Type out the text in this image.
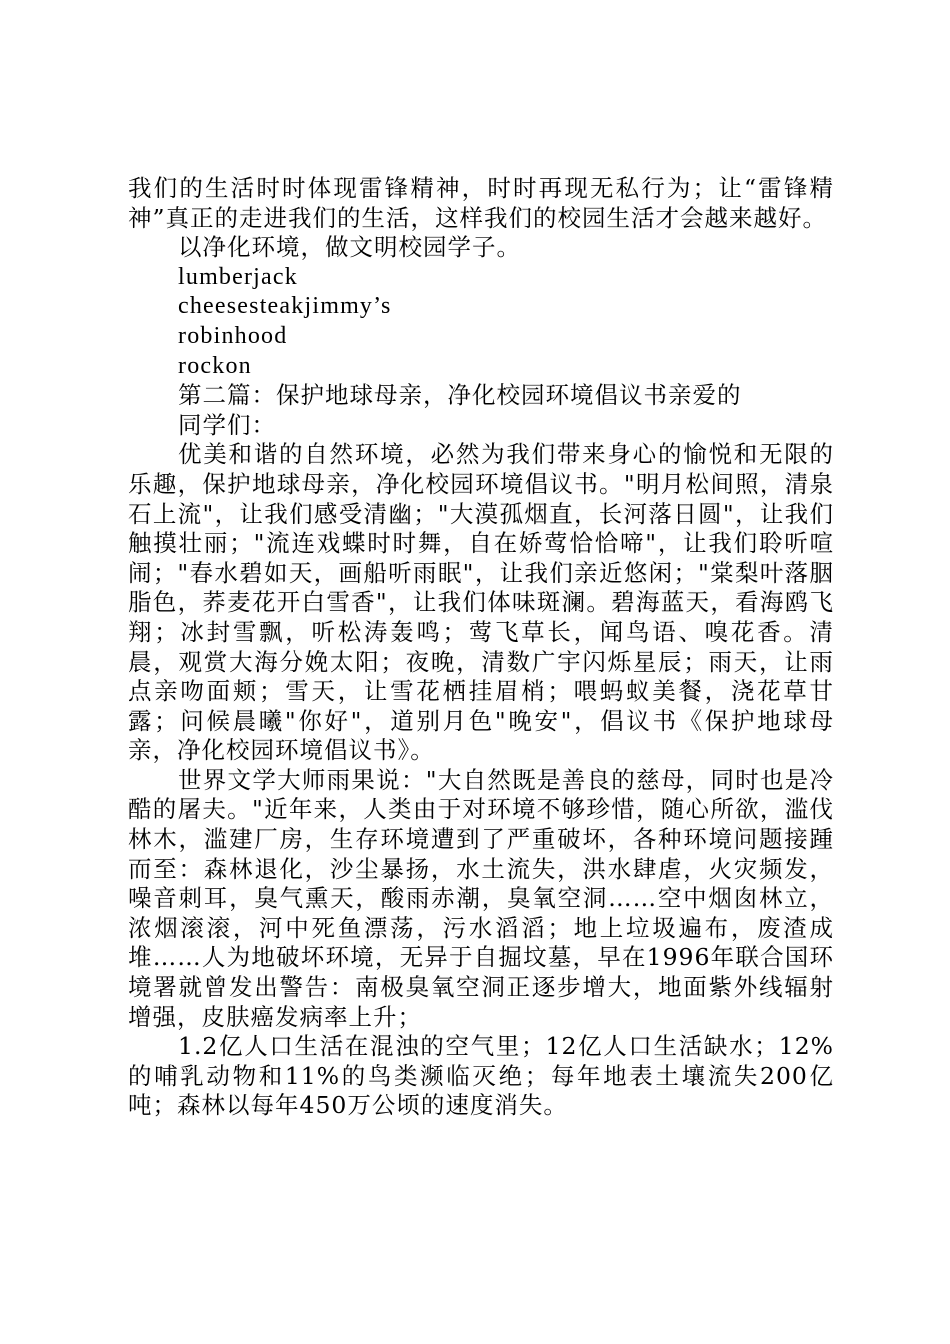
我们的生活时时体现雷锋精神，时时再现无私行为；让“雷锋精神”真正的走进我们的生活，这样我们的校园生活才会越来越好。

以净化环境，做文明校园学子。

lumberjack

cheesesteakjimmy’s

robinhood

rockon

第二篇：保护地球母亲，净化校园环境倡议书亲爱的

同学们：

优美和谐的自然环境，必然为我们带来身心的愉悦和无限的乐趣，保护地球母亲，净化校园环境倡议书。"明月松间照，清泉石上流"，让我们感受清幽；"大漠孤烟直，长河落日圆"，让我们触摸壮丽；"流连戏蝶时时舞，自在娇莺恰恰啼"，让我们聆听喧闹；"春水碧如天，画船听雨眠"，让我们亲近悠闲；"棠梨叶落胭脂色，荞麦花开白雪香"，让我们体味斑澜。碧海蓝天，看海鸥飞翔；冰封雪飘，听松涛轰鸣；莺飞草长，闻鸟语、嗅花香。清晨，观赏大海分娩太阳；夜晚，清数广宇闪烁星辰；雨天，让雨点亲吻面颊；雪天，让雪花栖挂眉梢；喂蚂蚁美餐，浇花草甘露；问候晨曦"你好"，道别月色"晚安"，倡议书《保护地球母亲，净化校园环境倡议书》。

世界文学大师雨果说："大自然既是善良的慈母，同时也是冷酷的屠夫。"近年来，人类由于对环境不够珍惜，随心所欲，滥伐林木，滥建厂房，生存环境遭到了严重破坏，各种环境问题接踵而至：森林退化，沙尘暴扬，水土流失，洪水肆虐，火灾频发，噪音刺耳，臭气熏天，酸雨赤潮，臭氧空洞……空中烟囱林立，浓烟滚滚，河中死鱼漂荡，污水滔滔；地上垃圾遍布，废渣成堆……人为地破坏环境，无异于自掘坟墓，早在1996年联合国环境署就曾发出警告：南极臭氧空洞正逐步增大，地面紫外线辐射增强，皮肤癌发病率上升；

1.2亿人口生活在混浊的空气里；12亿人口生活缺水；12%的哺乳动物和11%的鸟类濒临灭绝；每年地表土壤流失200亿吨；森林以每年450万公顷的速度消失。
